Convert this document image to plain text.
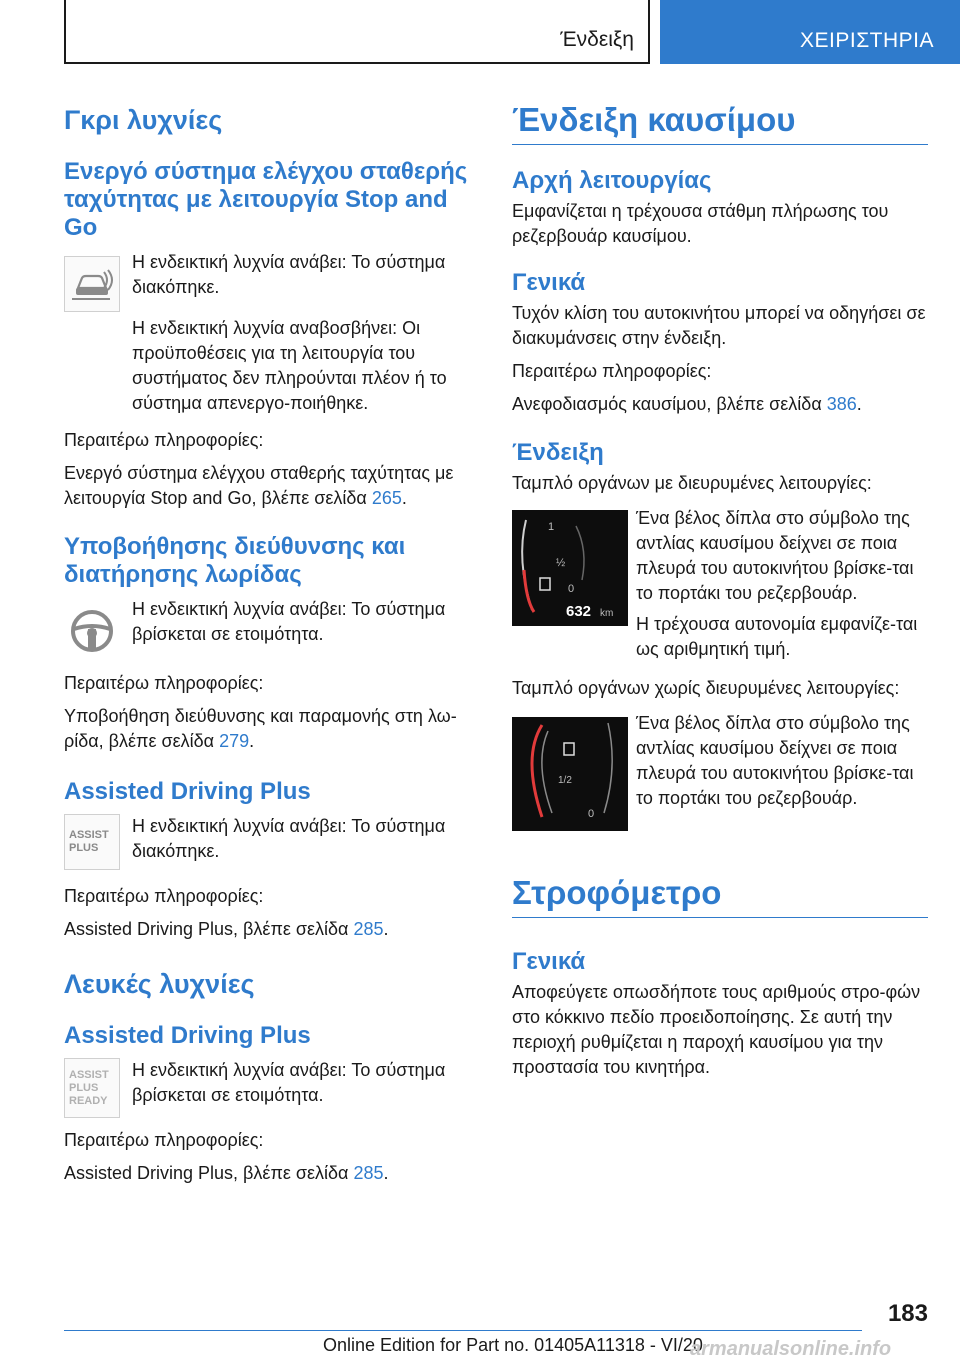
Ένδειξη	ΧΕΙΡΙΣΤΗΡΙΑ
Γκρι λυχνίες
Ενεργό σύστημα ελέγχου σταθερής ταχύτητας με λειτουργία Stop and Go
Η ενδεικτική λυχνία ανάβει: Το σύστημα διακόπηκε.
Η ενδεικτική λυχνία αναβοσβήνει: Οι προϋποθέσεις για τη λειτουργία του συστήματος δεν πληρούνται πλέον ή το σύστημα απενεργο-ποιήθηκε.
Περαιτέρω πληροφορίες:
Ενεργό σύστημα ελέγχου σταθερής ταχύτητας με λειτουργία Stop and Go, βλέπε σελίδα 265.
Υποβοήθησης διεύθυνσης και διατήρησης λωρίδας
Η ενδεικτική λυχνία ανάβει: Το σύστημα βρίσκεται σε ετοιμότητα.
Περαιτέρω πληροφορίες:
Υποβοήθηση διεύθυνσης και παραμονής στη λω-ρίδα, βλέπε σελίδα 279.
Assisted Driving Plus
ASSIST PLUS
Η ενδεικτική λυχνία ανάβει: Το σύστημα διακόπηκε.
Περαιτέρω πληροφορίες:
Assisted Driving Plus, βλέπε σελίδα 285.
Λευκές λυχνίες
Assisted Driving Plus
ASSIST PLUS READY
Η ενδεικτική λυχνία ανάβει: Το σύστημα βρίσκεται σε ετοιμότητα.
Περαιτέρω πληροφορίες:
Assisted Driving Plus, βλέπε σελίδα 285.
Ένδειξη καυσίμου
Αρχή λειτουργίας
Εμφανίζεται η τρέχουσα στάθμη πλήρωσης του ρεζερβουάρ καυσίμου.
Γενικά
Τυχόν κλίση του αυτοκινήτου μπορεί να οδηγήσει σε διακυμάνσεις στην ένδειξη.
Περαιτέρω πληροφορίες:
Ανεφοδιασμός καυσίμου, βλέπε σελίδα 386.
Ένδειξη
Ταμπλό οργάνων με διευρυμένες λειτουργίες:
1
½
0
632 km
Ένα βέλος δίπλα στο σύμβολο της αντλίας καυσίμου δείχνει σε ποια πλευρά του αυτοκινήτου βρίσκε-ται το πορτάκι του ρεζερβουάρ.
Η τρέχουσα αυτονομία εμφανίζε-ται ως αριθμητική τιμή.
Ταμπλό οργάνων χωρίς διευρυμένες λειτουργίες:
1/2
0
Ένα βέλος δίπλα στο σύμβολο της αντλίας καυσίμου δείχνει σε ποια πλευρά του αυτοκινήτου βρίσκε-ται το πορτάκι του ρεζερβουάρ.
Στροφόμετρο
Γενικά
Αποφεύγετε οπωσδήποτε τους αριθμούς στρο-φών στο κόκκινο πεδίο προειδοποίησης. Σε αυτή την περιοχή ρυθμίζεται η παροχή καυσίμου για την προστασία του κινητήρα.
183
Online Edition for Part no. 01405A11318 - VI/20
armanualsonline.info
